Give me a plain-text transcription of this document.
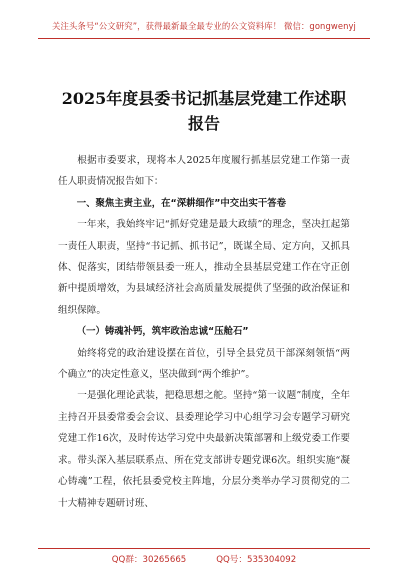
关注头条号“公文研究”，获得最新最全最专业的公文资料库！ 微信：gongwenyj
2025年度县委书记抓基层党建工作述职
报告

根据市委要求，现将本人2025年度履行抓基层党建工作第一责任人职责情况报告如下：

一、聚焦主责主业，在“深耕细作”中交出实干答卷

一年来，我始终牢记“抓好党建是最大政绩”的理念，坚决扛起第一责任人职责，坚持“书记抓、抓书记”，既谋全局、定方向，又抓具体、促落实，团结带领县委一班人，推动全县基层党建工作在守正创新中提质增效，为县域经济社会高质量发展提供了坚强的政治保证和组织保障。

（一）铸魂补钙，筑牢政治忠诚“压舱石”

始终将党的政治建设摆在首位，引导全县党员干部深刻领悟“两个确立”的决定性意义，坚决做到“两个维护”。

一是强化理论武装，把稳思想之舵。坚持“第一议题”制度，全年主持召开县委常委会会议、县委理论学习中心组学习会专题学习研究党建工作16次，及时传达学习党中央最新决策部署和上级党委工作要求。带头深入基层联系点、所在党支部讲专题党课6次。组织实施“凝心铸魂”工程，依托县委党校主阵地，分层分类举办学习贯彻党的二十大精神专题研讨班、

QQ群：30265665	QQ号：535304092
